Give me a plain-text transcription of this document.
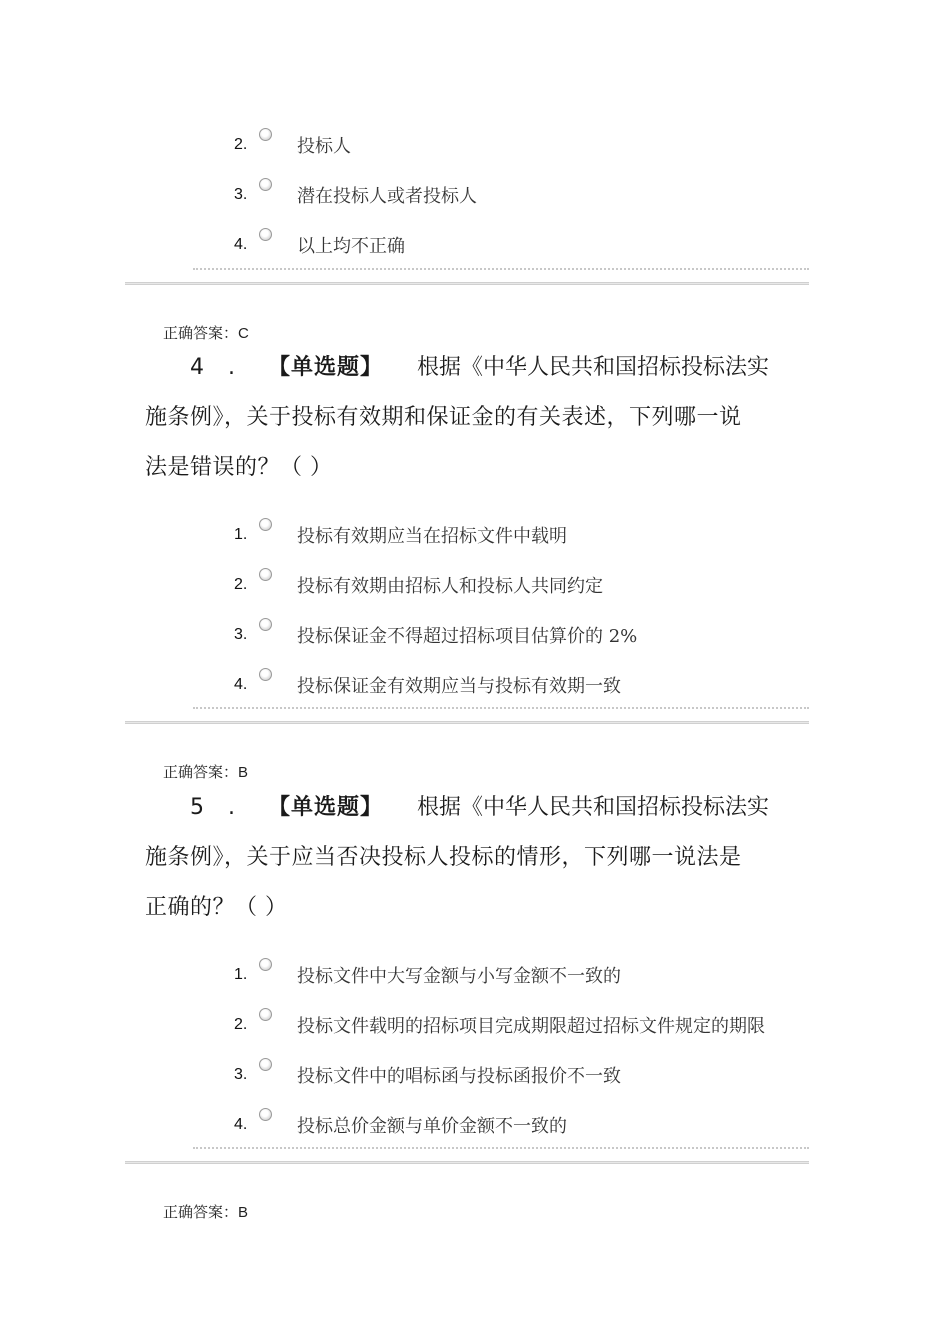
2.	投标人
3.	潜在投标人或者投标人
4.	以上均不正确
正确答案：C
4 . 【单选题】 根据《中华人民共和国招标投标法实
施条例》，关于投标有效期和保证金的有关表述，下列哪一说
法是错误的？（ ）
1.	投标有效期应当在招标文件中载明
2.	投标有效期由招标人和投标人共同约定
3.	投标保证金不得超过招标项目估算价的 2%
4.	投标保证金有效期应当与投标有效期一致
正确答案：B
5 . 【单选题】 根据《中华人民共和国招标投标法实
施条例》，关于应当否决投标人投标的情形，下列哪一说法是
正确的？（ ）
1.	投标文件中大写金额与小写金额不一致的
2.	投标文件载明的招标项目完成期限超过招标文件规定的期限
3.	投标文件中的唱标函与投标函报价不一致
4.	投标总价金额与单价金额不一致的
正确答案：B
